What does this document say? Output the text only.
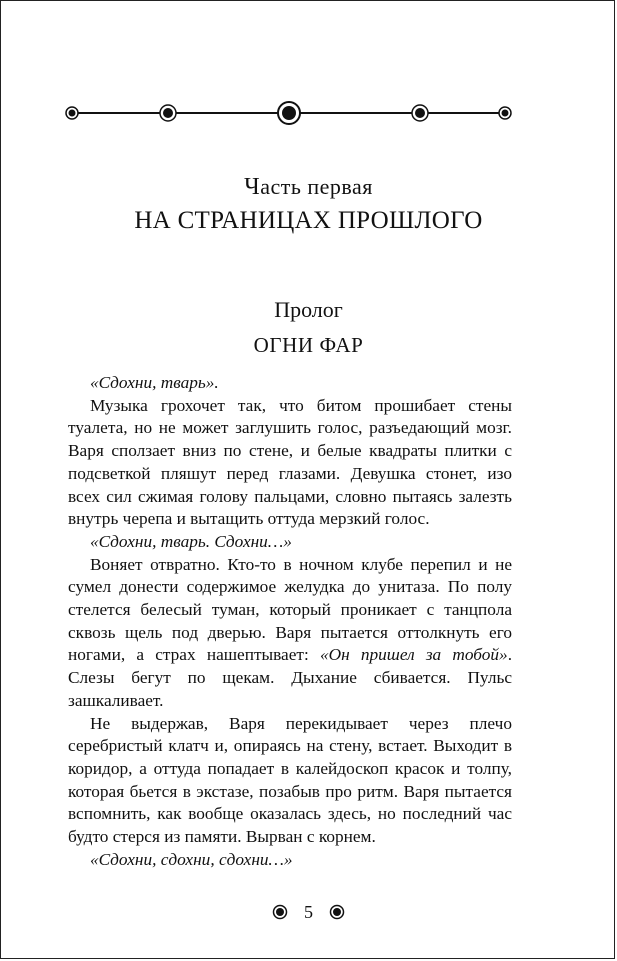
Часть первая
НА СТРАНИЦАХ ПРОШЛОГО
Пролог
ОГНИ ФАР

«Сдохни, тварь».

Музыка грохочет так, что битом прошибает стены туалета, но не может заглушить голос, разъедающий мозг. Варя сползает вниз по стене, и белые квадраты плитки с подсветкой пляшут перед глазами. Девушка стонет, изо всех сил сжимая голову пальцами, словно пытаясь залезть внутрь черепа и вытащить оттуда мерзкий голос.

«Сдохни, тварь. Сдохни…»

Воняет отвратно. Кто-то в ночном клубе перепил и не сумел донести содержимое желудка до унитаза. По полу стелется белесый туман, который проникает с танцпола сквозь щель под дверью. Варя пытается оттолкнуть его ногами, а страх нашептывает: «Он пришел за тобой». Слезы бегут по щекам. Дыхание сбивается. Пульс зашкаливает.

Не выдержав, Варя перекидывает через плечо серебристый клатч и, опираясь на стену, встает. Выходит в коридор, а оттуда попадает в калейдоскоп красок и толпу, которая бьется в экстазе, позабыв про ритм. Варя пытается вспомнить, как вообще оказалась здесь, но последний час будто стерся из памяти. Вырван с корнем.

«Сдохни, сдохни, сдохни…»

5
